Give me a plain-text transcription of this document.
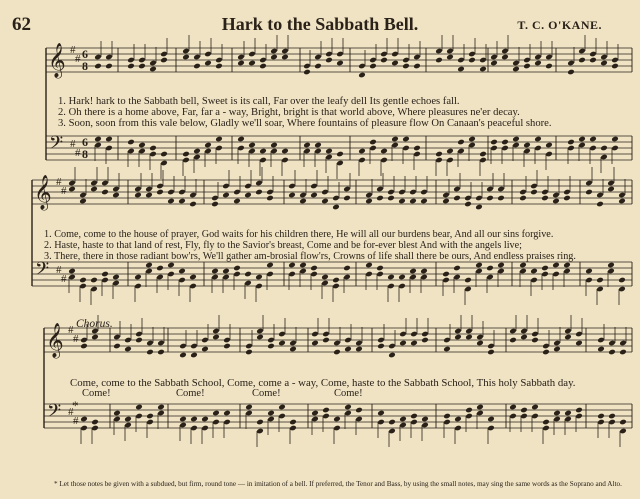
62	Hark to the Sabbath Bell.	T. C. O'KANE.
𝄞
𝄢
#
#
#
#
6
6
8
8
𝄞
𝄢
#
#
#
#
𝄞
𝄢
#
#
#
#
1. Hark! hark to the Sabbath bell, Sweet is its call, Far over the leafy dell Its gentle echoes fall.
2. Oh there is a home above, Far, far a - way, Bright, bright is that world above, Where pleasures ne'er decay.
3. Soon, soon from this vale below, Gladly we'll soar, Where fountains of pleasure flow On Canaan's peaceful shore.
1. Come, come to the house of prayer, God waits for his children there, He will all our burdens bear, And all our sins forgive.
2. Haste, haste to that land of rest, Fly, fly to the Savior's breast, Come and be for-ever blest And with the angels live;
3. There, there in those radiant bow'rs, We'll gather am-brosial flow'rs, Crowns of life shall there be ours, And endless praises ring.
Chorus.
Come, come to the Sabbath School, Come, come a - way, Come, haste to the Sabbath School, This holy Sabbath day.
Come!	Come!	Come!	Come!
*
* Let those notes be given with a subdued, but firm, round tone — in imitation of a bell. If preferred, the Tenor and Bass, by using the small notes, may sing the same words as the Soprano and Alto.
